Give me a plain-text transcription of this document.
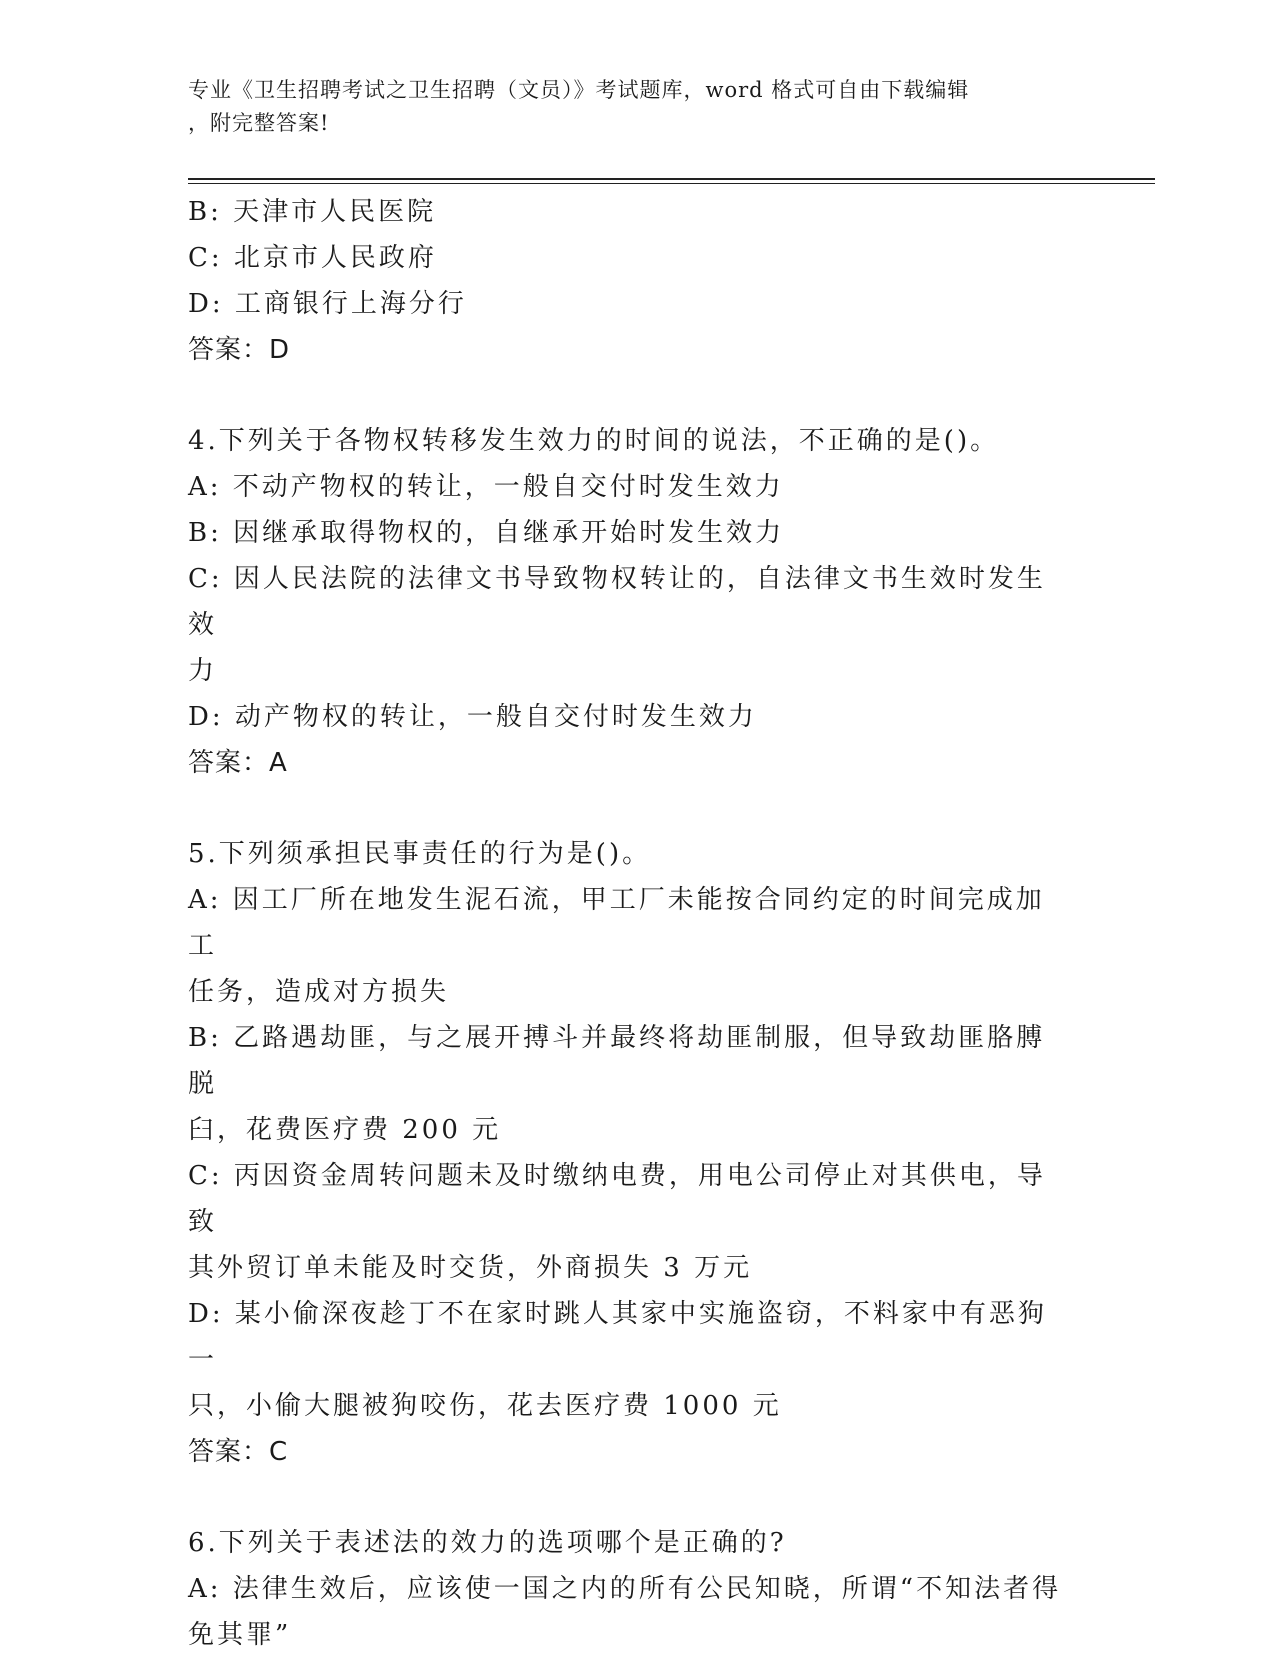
专业《卫生招聘考试之卫生招聘（文员）》考试题库，word 格式可自由下载编辑
，附完整答案!
B: 天津市人民医院
C: 北京市人民政府
D: 工商银行上海分行
答案：D
4.下列关于各物权转移发生效力的时间的说法，不正确的是()。
A: 不动产物权的转让，一般自交付时发生效力
B: 因继承取得物权的，自继承开始时发生效力
C: 因人民法院的法律文书导致物权转让的，自法律文书生效时发生效
力
D: 动产物权的转让，一般自交付时发生效力
答案：A
5.下列须承担民事责任的行为是()。
A: 因工厂所在地发生泥石流，甲工厂未能按合同约定的时间完成加工
任务，造成对方损失
B: 乙路遇劫匪，与之展开搏斗并最终将劫匪制服，但导致劫匪胳膊脱
臼，花费医疗费 200 元
C: 丙因资金周转问题未及时缴纳电费，用电公司停止对其供电，导致
其外贸订单未能及时交货，外商损失 3 万元
D: 某小偷深夜趁丁不在家时跳人其家中实施盗窃，不料家中有恶狗一
只，小偷大腿被狗咬伤，花去医疗费 1000 元
答案：C
6.下列关于表述法的效力的选项哪个是正确的?
A: 法律生效后，应该使一国之内的所有公民知晓，所谓“不知法者得
免其罪”
